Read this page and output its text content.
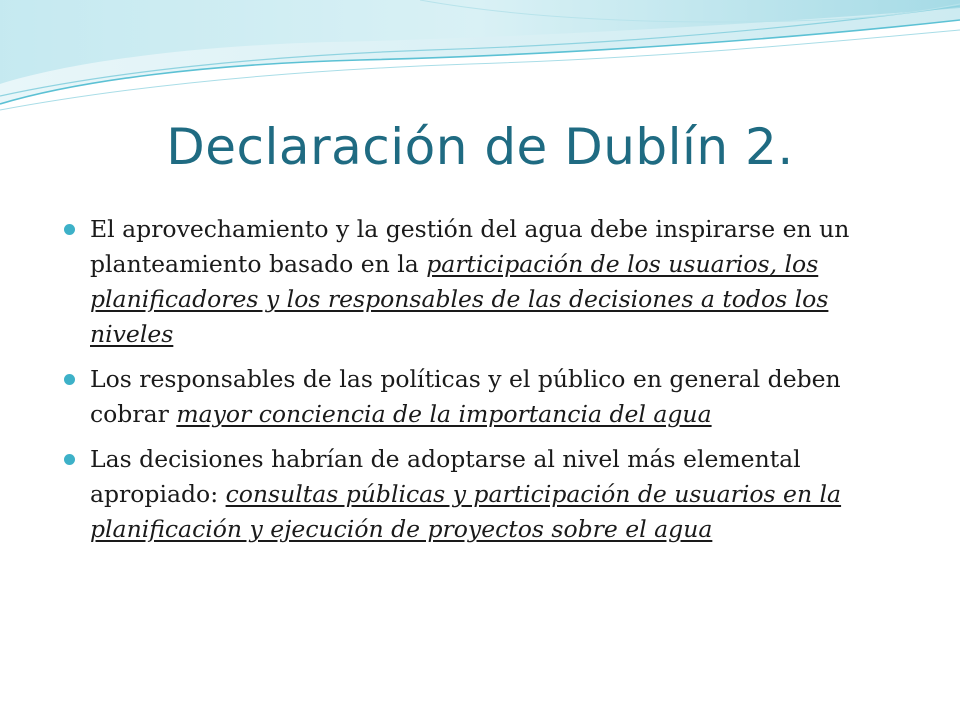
Declaración de Dublín 2.
El aprovechamiento y la gestión del agua debe inspirarse en un planteamiento basado en la participación de los usuarios, los planificadores y los responsables de las decisiones a todos los niveles
Los responsables de las políticas y el público en general deben cobrar mayor conciencia de la importancia del agua
Las decisiones habrían de adoptarse al nivel más elemental apropiado: consultas públicas y participación de usuarios en la planificación y ejecución de proyectos sobre el agua
